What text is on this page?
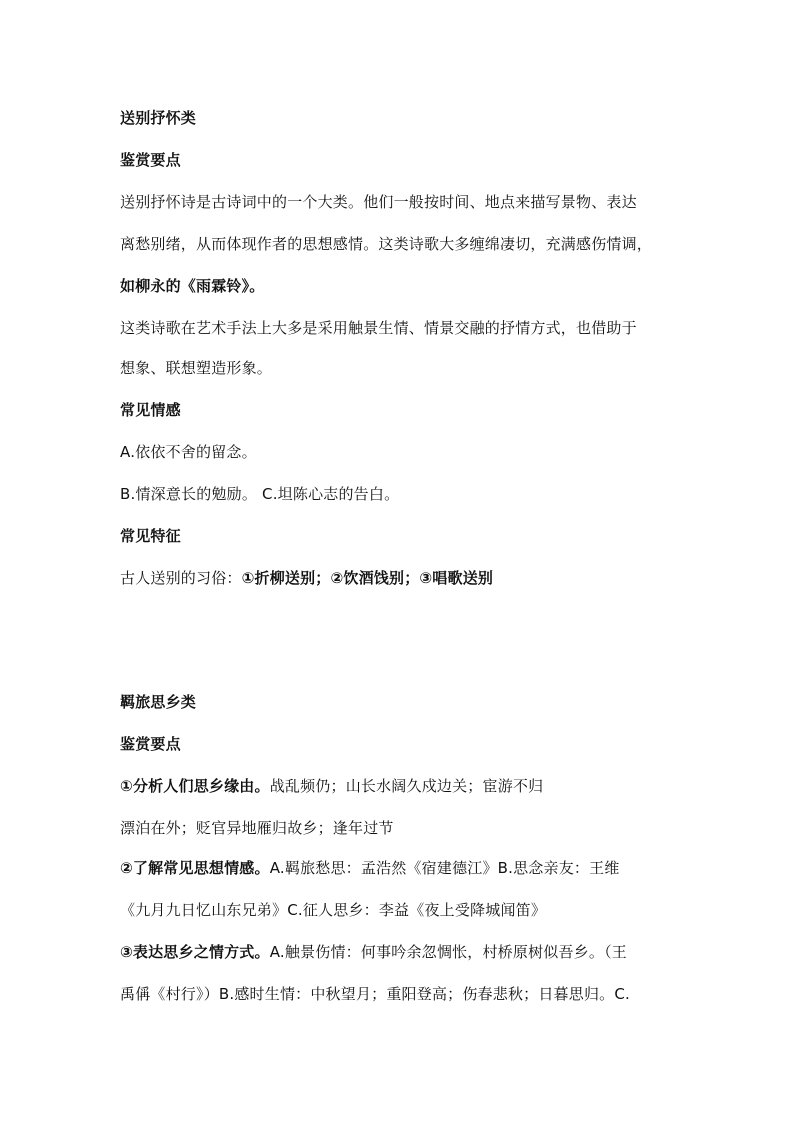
送别抒怀类
鉴赏要点
送别抒怀诗是古诗词中的一个大类。他们一般按时间、地点来描写景物、表达
离愁别绪，从而体现作者的思想感情。这类诗歌大多缠绵凄切，充满感伤情调，
如柳永的《雨霖铃》。
这类诗歌在艺术手法上大多是采用触景生情、情景交融的抒情方式，也借助于
想象、联想塑造形象。
常见情感
A.依依不舍的留念。
B.情深意长的勉励。 C.坦陈心志的告白。
常见特征
古人送别的习俗：①折柳送别；②饮酒饯别；③唱歌送别
羁旅思乡类
鉴赏要点
①分析人们思乡缘由。战乱频仍；山长水阔久戍边关；宦游不归
漂泊在外；贬官异地雁归故乡；逢年过节
②了解常见思想情感。A.羁旅愁思：孟浩然《宿建德江》B.思念亲友：王维
《九月九日忆山东兄弟》C.征人思乡：李益《夜上受降城闻笛》
③表达思乡之情方式。A.触景伤情：何事吟余忽惆怅，村桥原树似吾乡。（王
禹偁《村行》）B.感时生情：中秋望月；重阳登高；伤春悲秋；日暮思归。C.
